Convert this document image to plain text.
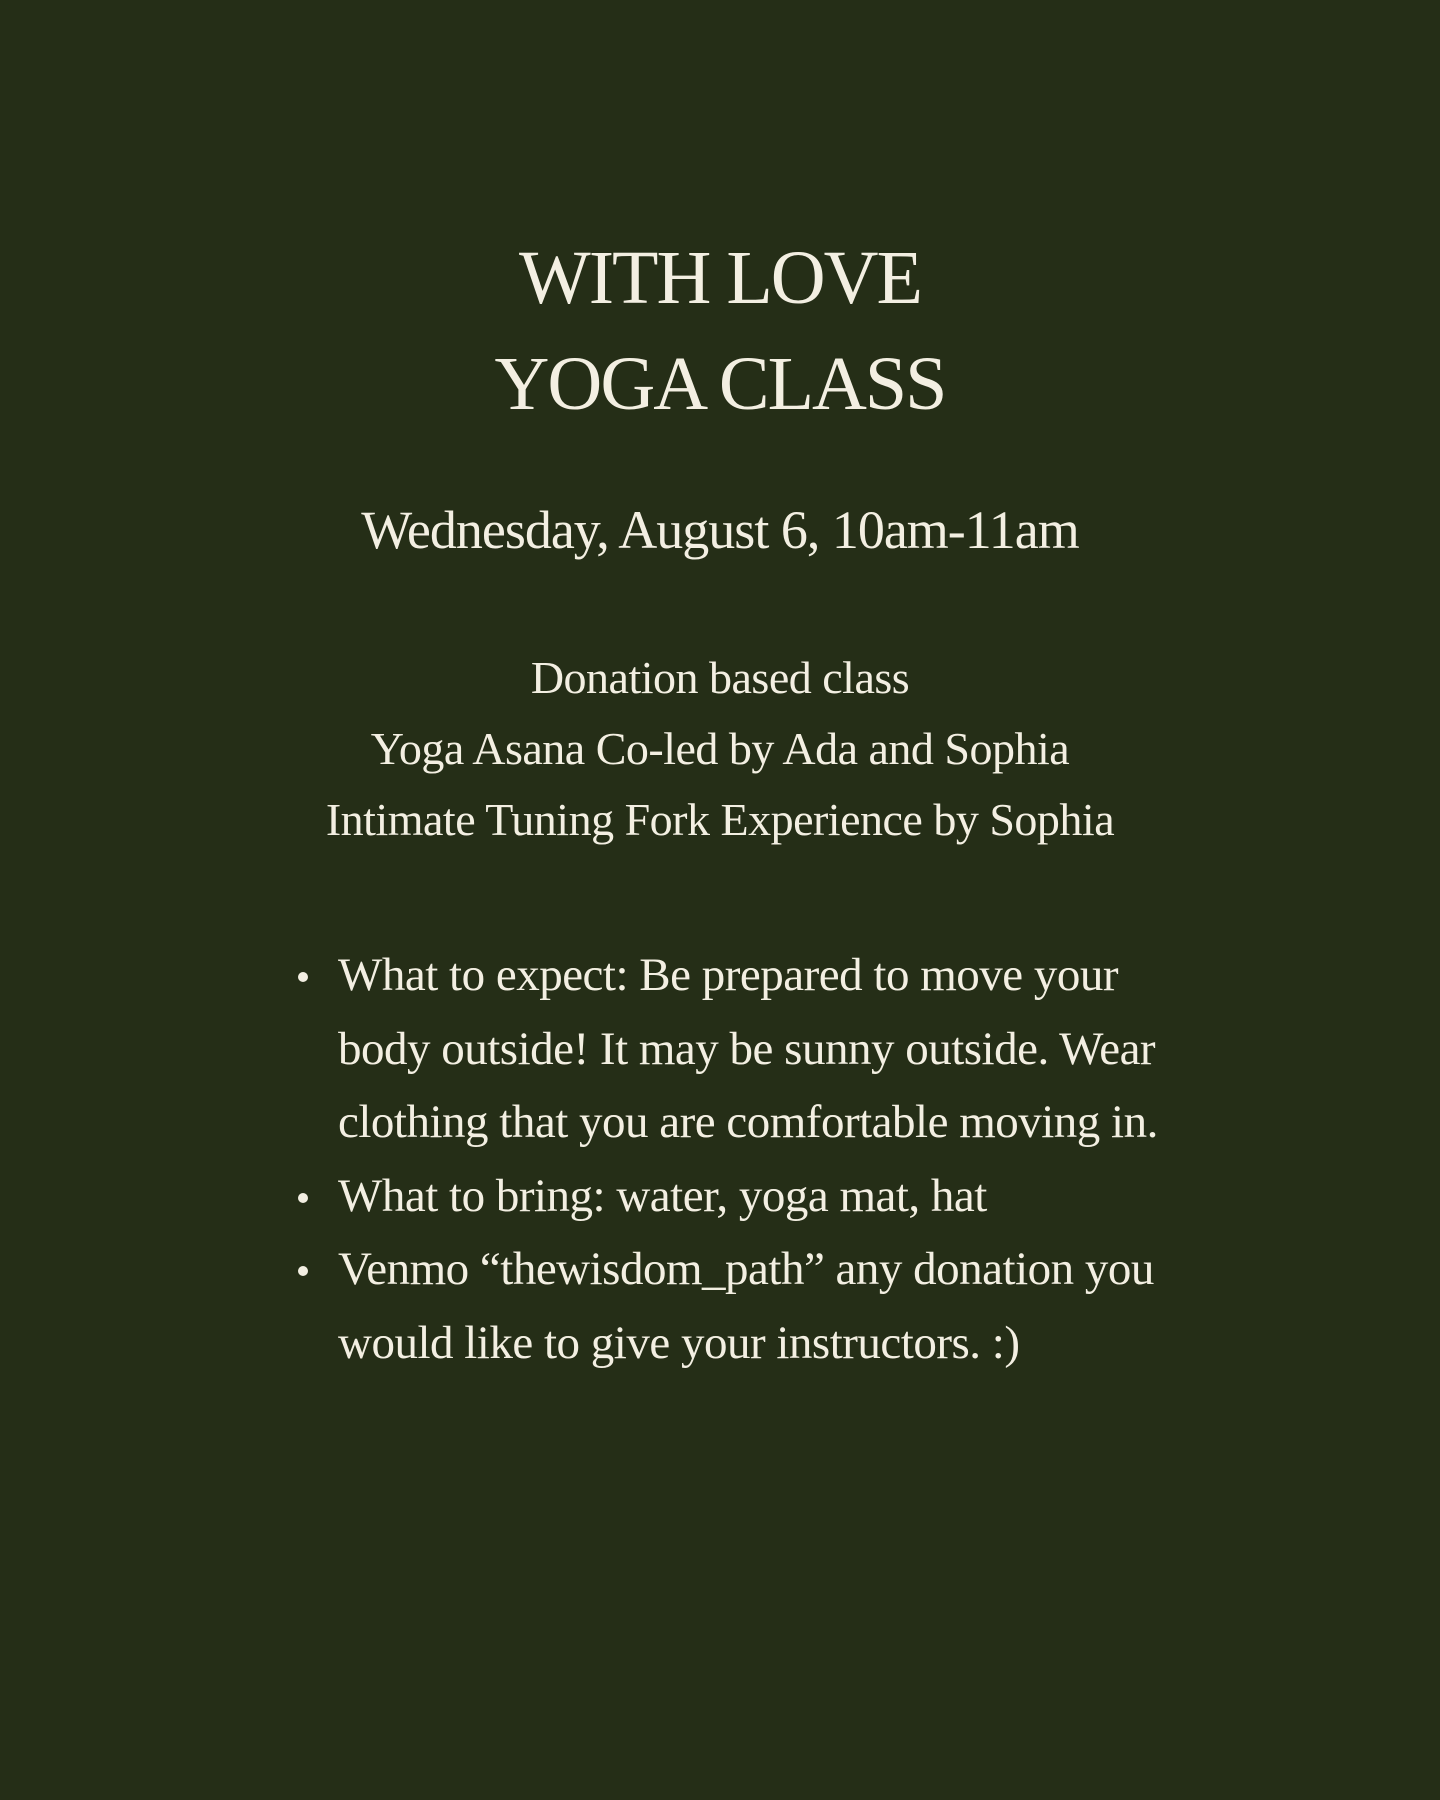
WITH LOVE
YOGA CLASS

Wednesday, August 6, 10am-11am

Donation based class
Yoga Asana Co-led by Ada and Sophia
Intimate Tuning Fork Experience by Sophia
What to expect: Be prepared to move your body outside! It may be sunny outside. Wear clothing that you are comfortable moving in.
What to bring: water, yoga mat, hat
Venmo “thewisdom_path” any donation you would like to give your instructors. :)
